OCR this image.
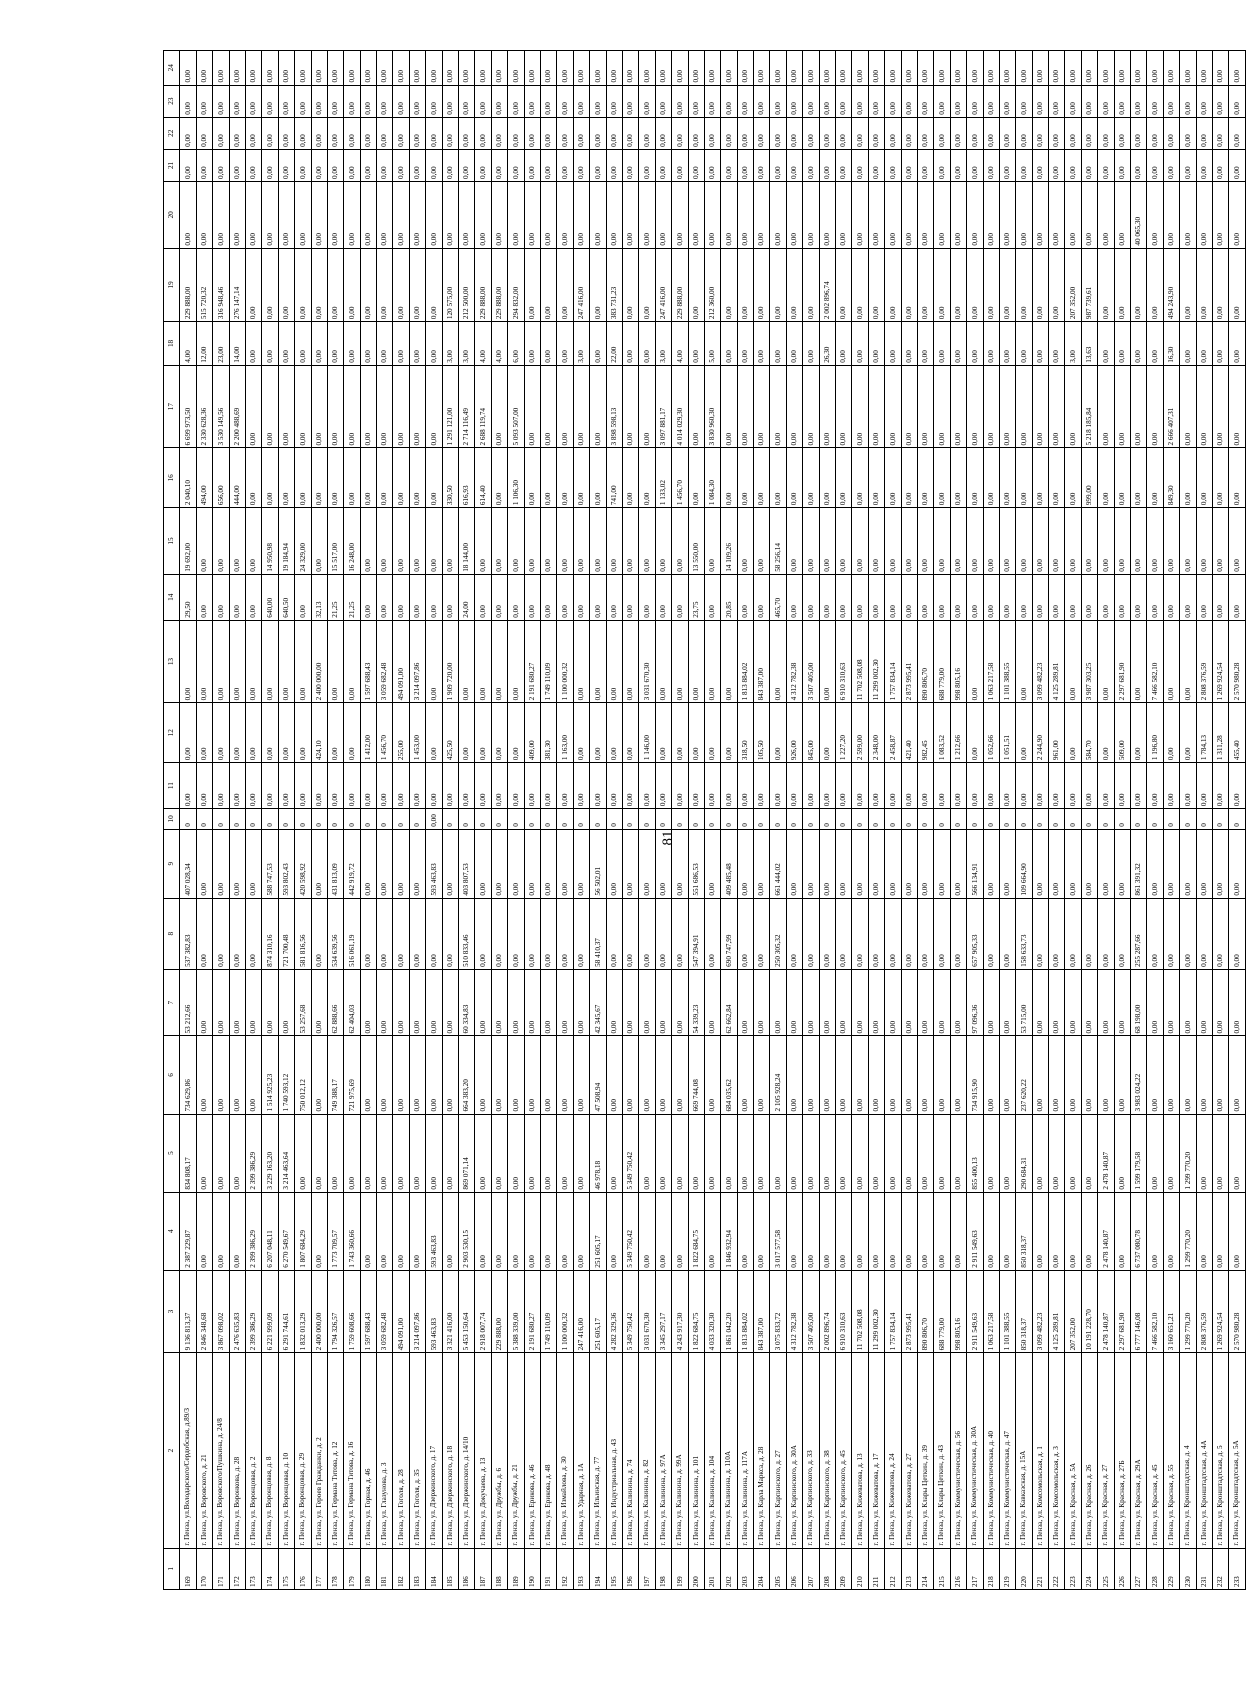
81
1	2	3	4	5	6	7	8	9	10	11	12	13	14	15	16	17	18	19	20	21	22	23	24
169	г. Пенза, ул.Володарского/Сердобская, д.89/3	9 136 813,37	2 387 229,87	834 808,17	734 629,86	53 212,66	537 382,83	407 028,34	0	0,00	0,00	0,00	29,50	19 692,00	2 040,10	6 699 973,50	4,00	229 888,00	0,00	0,00	0,00	0,00	0,00
170	г. Пенза, ул. Воровского, д. 21	2 846 348,68	0,00	0,00	0,00	0,00	0,00	0,00	0	0,00	0,00	0,00	0,00	0,00	494,00	2 330 628,36	12,00	515 720,32	0,00	0,00	0,00	0,00	0,00
171	г. Пенза, ул. Воровского/Пушкина, д. 24/8	3 867 098,02	0,00	0,00	0,00	0,00	0,00	0,00	0	0,00	0,00	0,00	0,00	0,00	656,00	3 530 149,56	23,00	316 948,46	0,00	0,00	0,00	0,00	0,00
172	г. Пенза, ул. Воронкова, д. 28	2 476 635,83	0,00	0,00	0,00	0,00	0,00	0,00	0	0,00	0,00	0,00	0,00	0,00	444,00	2 200 488,69	14,00	276 147,14	0,00	0,00	0,00	0,00	0,00
173	г. Пенза, ул. Воронцовая, д. 2	2 399 386,29	2 399 386,29	2 399 386,29	0,00	0,00	0,00	0,00	0	0,00	0,00	0,00	0,00	0,00	0,00	0,00	0,00	0,00	0,00	0,00	0,00	0,00	0,00
174	г. Пенза, ул. Воронцовая, д. 8	6 221 999,09	6 207 048,11	3 229 163,20	1 514 925,23	0,00	874 310,16	588 747,53	0	0,00	0,00	0,00	640,00	14 950,98	0,00	0,00	0,00	0,00	0,00	0,00	0,00	0,00	0,00
175	г. Пенза, ул. Воронцовая, д. 10	6 291 744,61	6 270 549,67	3 214 463,64	1 740 593,12	0,00	721 700,48	593 802,43	0	0,00	0,00	0,00	640,50	19 184,94	0,00	0,00	0,00	0,00	0,00	0,00	0,00	0,00	0,00
176	г. Пенза, ул. Воронцовая, д. 29	1 832 013,29	1 807 684,29	0,00	750 012,12	53 257,68	581 816,56	420 598,92	0	0,00	0,00	0,00	0,00	24 329,00	0,00	0,00	0,00	0,00	0,00	0,00	0,00	0,00	0,00
177	г. Пенза, ул. Героев Гражданки, д. 2	2 400 000,00	0,00	0,00	0,00	0,00	0,00	0,00	0	0,00	424,10	2 400 000,00	32,13	0,00	0,00	0,00	0,00	0,00	0,00	0,00	0,00	0,00	0,00
178	г. Пенза, ул. Германа Титова, д. 12	1 794 326,57	1 773 709,57	0,00	749 388,17	62 888,66	534 639,56	431 813,09	0	0,00	0,00	0,00	21,25	15 517,00	0,00	0,00	0,00	0,00	0,00	0,00	0,00	0,00	0,00
179	г. Пенза, ул. Германа Титова, д. 16	1 759 608,66	1 743 360,66	0,00	721 975,69	62 404,03	516 061,19	442 919,72	0	0,00	0,00	0,00	21,25	16 248,00	0,00	0,00	0,00	0,00	0,00	0,00	0,00	0,00	0,00
180	г. Пенза, ул. Горная, д. 46	1 597 688,43	0,00	0,00	0,00	0,00	0,00	0,00	0	0,00	1 412,00	1 597 688,43	0,00	0,00	0,00	0,00	0,00	0,00	0,00	0,00	0,00	0,00	0,00
181	г. Пенза, ул. Глазунова, д. 3	3 059 682,48	0,00	0,00	0,00	0,00	0,00	0,00	0	0,00	1 456,70	3 059 682,48	0,00	0,00	0,00	0,00	0,00	0,00	0,00	0,00	0,00	0,00	0,00
182	г. Пенза, ул. Гоголя, д. 28	494 091,00	0,00	0,00	0,00	0,00	0,00	0,00	0	0,00	255,00	494 091,00	0,00	0,00	0,00	0,00	0,00	0,00	0,00	0,00	0,00	0,00	0,00
183	г. Пенза, ул. Гоголя, д. 35	3 214 097,86	0,00	0,00	0,00	0,00	0,00	0,00	0	0,00	1 453,00	3 214 097,86	0,00	0,00	0,00	0,00	0,00	0,00	0,00	0,00	0,00	0,00	0,00
184	г. Пенза, ул. Дзержинского, д. 17	593 463,83	593 463,83	0,00	0,00	0,00	0,00	593 463,83	0,00	0,00	0,00	0,00	0,00	0,00	0,00	0,00	0,00	0,00	0,00	0,00	0,00	0,00	0,00
185	г. Пенза, ул. Дзержинского, д. 18	3 321 416,00	0,00	0,00	0,00	0,00	0,00	0,00	0	0,00	425,50	1 909 720,00	0,00	0,00	330,50	1 291 121,00	3,00	120 575,00	0,00	0,00	0,00	0,00	0,00
186	г. Пенза, ул. Дзержинского, д. 14/10	5 453 150,64	2 903 530,15	869 071,14	664 383,20	60 334,83	510 833,46	403 807,53	0	0,00	0,00	0,00	24,00	18 144,00	616,93	2 714 116,49	3,00	212 500,00	0,00	0,00	0,00	0,00	0,00
187	г. Пенза, ул. Докучаева, д. 13	2 918 007,74	0,00	0,00	0,00	0,00	0,00	0,00	0	0,00	0,00	0,00	0,00	0,00	614,40	2 688 119,74	4,00	229 888,00	0,00	0,00	0,00	0,00	0,00
188	г. Пенза, ул. Дружбы, д. 6	229 888,00	0,00	0,00	0,00	0,00	0,00	0,00	0	0,00	0,00	0,00	0,00	0,00	0,00	0,00	4,00	229 888,00	0,00	0,00	0,00	0,00	0,00
189	г. Пенза, ул. Дружбы, д. 21	5 388 339,00	0,00	0,00	0,00	0,00	0,00	0,00	0	0,00	0,00	0,00	0,00	0,00	1 106,30	5 093 507,00	6,00	294 832,00	0,00	0,00	0,00	0,00	0,00
190	г. Пенза, ул. Ерикова, д. 46	2 191 680,27	0,00	0,00	0,00	0,00	0,00	0,00	0	0,00	409,00	2 191 680,27	0,00	0,00	0,00	0,00	0,00	0,00	0,00	0,00	0,00	0,00	0,00
191	г. Пенза, ул. Ерикова, д. 48	1 749 110,09	0,00	0,00	0,00	0,00	0,00	0,00	0	0,00	381,30	1 749 110,09	0,00	0,00	0,00	0,00	0,00	0,00	0,00	0,00	0,00	0,00	0,00
192	г. Пенза, ул. Измайлова, д. 30	1 100 000,32	0,00	0,00	0,00	0,00	0,00	0,00	0	0,00	1 163,00	1 100 000,32	0,00	0,00	0,00	0,00	0,00	0,00	0,00	0,00	0,00	0,00	0,00
193	г. Пенза, ул. Ударная, д. 1А	247 416,00	0,00	0,00	0,00	0,00	0,00	0,00	0	0,00	0,00	0,00	0,00	0,00	0,00	0,00	3,00	247 416,00	0,00	0,00	0,00	0,00	0,00
194	г. Пенза, ул. Ильинская, д. 77	251 605,17	251 605,17	46 978,18	47 508,94	42 345,67	58 410,37	56 502,01	0	0,00	0,00	0,00	0,00	0,00	0,00	0,00	0,00	0,00	0,00	0,00	0,00	0,00	0,00
195	г. Пенза, ул. Индустриальная, д. 43	4 282 329,36	0,00	0,00	0,00	0,00	0,00	0,00	0	0,00	0,00	0,00	0,00	0,00	741,00	3 898 598,13	22,00	383 731,23	0,00	0,00	0,00	0,00	0,00
196	г. Пенза, ул. Калинина, д. 74	5 349 750,42	5 349 750,42	5 349 750,42	0,00	0,00	0,00	0,00	0	0,00	0,00	0,00	0,00	0,00	0,00	0,00	0,00	0,00	0,00	0,00	0,00	0,00	0,00
197	г. Пенза, ул. Калинина, д. 82	3 031 670,30	0,00	0,00	0,00	0,00	0,00	0,00	0	0,00	1 146,00	3 031 670,30	0,00	0,00	0,00	0,00	0,00	0,00	0,00	0,00	0,00	0,00	0,00
198	г. Пенза, ул. Калинина, д. 97А	3 345 297,17	0,00	0,00	0,00	0,00	0,00	0,00	0	0,00	0,00	0,00	0,00	0,00	1 133,02	3 097 881,17	3,00	247 416,00	0,00	0,00	0,00	0,00	0,00
199	г. Пенза, ул. Калинина, д. 99А	4 243 917,30	0,00	0,00	0,00	0,00	0,00	0,00	0	0,00	0,00	0,00	0,00	0,00	1 456,70	4 014 029,30	4,00	229 888,00	0,00	0,00	0,00	0,00	0,00
200	г. Пенза, ул. Калинина, д. 101	1 822 684,75	1 822 684,75	0,00	669 744,08	54 339,23	547 394,91	551 686,53	0	0,00	0,00	0,00	23,75	13 550,00	0,00	0,00	0,00	0,00	0,00	0,00	0,00	0,00	0,00
201	г. Пенза, ул. Калинина, д. 104	4 033 320,30	0,00	0,00	0,00	0,00	0,00	0,00	0	0,00	0,00	0,00	0,00	0,00	1 084,30	3 830 960,30	5,00	212 360,00	0,00	0,00	0,00	0,00	0,00
202	г. Пенза, ул. Калинина, д. 110А	1 861 042,20	1 846 932,94	0,00	684 035,62	62 662,84	690 747,99	409 485,48	0	0,00	0,00	0,00	20,85	14 109,26	0,00	0,00	0,00	0,00	0,00	0,00	0,00	0,00	0,00
203	г. Пенза, ул. Калинина, д. 117А	1 813 884,02	0,00	0,00	0,00	0,00	0,00	0,00	0	0,00	318,50	1 813 884,02	0,00	0,00	0,00	0,00	0,00	0,00	0,00	0,00	0,00	0,00	0,00
204	г. Пенза, ул. Карла Маркса, д. 28	843 387,00	0,00	0,00	0,00	0,00	0,00	0,00	0	0,00	105,50	843 387,00	0,00	0,00	0,00	0,00	0,00	0,00	0,00	0,00	0,00	0,00	0,00
205	г. Пенза, ул. Карпинского, д. 27	3 075 833,72	3 017 577,58	0,00	2 105 928,24	0,00	250 305,32	661 444,02	0	0,00	0,00	0,00	465,70	58 256,14	0,00	0,00	0,00	0,00	0,00	0,00	0,00	0,00	0,00
206	г. Пенза, ул. Карпинского, д. 30А	4 312 782,38	0,00	0,00	0,00	0,00	0,00	0,00	0	0,00	926,00	4 312 782,38	0,00	0,00	0,00	0,00	0,00	0,00	0,00	0,00	0,00	0,00	0,00
207	г. Пенза, ул. Карпинского, д. 33	3 507 405,00	0,00	0,00	0,00	0,00	0,00	0,00	0	0,00	845,00	3 507 405,00	0,00	0,00	0,00	0,00	0,00	0,00	0,00	0,00	0,00	0,00	0,00
208	г. Пенза, ул. Карпинского, д. 38	2 002 896,74	0,00	0,00	0,00	0,00	0,00	0,00	0	0,00	0,00	0,00	0,00	0,00	0,00	0,00	26,30	2 002 896,74	0,00	0,00	0,00	0,00	0,00
209	г. Пенза, ул. Карпинского, д. 45	6 910 310,63	0,00	0,00	0,00	0,00	0,00	0,00	0	0,00	1 227,20	6 910 310,63	0,00	0,00	0,00	0,00	0,00	0,00	0,00	0,00	0,00	0,00	0,00
210	г. Пенза, ул. Кижеватова, д. 13	11 702 508,08	0,00	0,00	0,00	0,00	0,00	0,00	0	0,00	2 599,00	11 702 508,08	0,00	0,00	0,00	0,00	0,00	0,00	0,00	0,00	0,00	0,00	0,00
211	г. Пенза, ул. Кижеватова, д. 17	11 299 002,30	0,00	0,00	0,00	0,00	0,00	0,00	0	0,00	2 348,00	11 299 002,30	0,00	0,00	0,00	0,00	0,00	0,00	0,00	0,00	0,00	0,00	0,00
212	г. Пенза, ул. Кижеватова, д. 24	1 757 834,14	0,00	0,00	0,00	0,00	0,00	0,00	0	0,00	2 458,87	1 757 834,14	0,00	0,00	0,00	0,00	0,00	0,00	0,00	0,00	0,00	0,00	0,00
213	г. Пенза, ул. Кижеватова, д. 27	2 873 995,41	0,00	0,00	0,00	0,00	0,00	0,00	0	0,00	421,40	2 873 995,41	0,00	0,00	0,00	0,00	0,00	0,00	0,00	0,00	0,00	0,00	0,00
214	г. Пенза, ул. Клары Цеткин, д. 39	890 806,70	0,00	0,00	0,00	0,00	0,00	0,00	0	0,00	982,45	890 806,70	0,00	0,00	0,00	0,00	0,00	0,00	0,00	0,00	0,00	0,00	0,00
215	г. Пенза, ул. Клары Цеткин, д. 43	688 779,00	0,00	0,00	0,00	0,00	0,00	0,00	0	0,00	1 083,52	688 779,00	0,00	0,00	0,00	0,00	0,00	0,00	0,00	0,00	0,00	0,00	0,00
216	г. Пенза, ул. Коммунистическая, д. 56	998 805,16	0,00	0,00	0,00	0,00	0,00	0,00	0	0,00	1 212,66	998 805,16	0,00	0,00	0,00	0,00	0,00	0,00	0,00	0,00	0,00	0,00	0,00
217	г. Пенза, ул. Коммунистическая, д. 30А	2 911 549,63	2 911 549,63	855 400,13	734 915,90	97 096,36	657 905,33	566 134,91	0	0,00	0,00	0,00	0,00	0,00	0,00	0,00	0,00	0,00	0,00	0,00	0,00	0,00	0,00
218	г. Пенза, ул. Коммунистическая, д. 40	1 063 217,58	0,00	0,00	0,00	0,00	0,00	0,00	0	0,00	1 052,66	1 063 217,58	0,00	0,00	0,00	0,00	0,00	0,00	0,00	0,00	0,00	0,00	0,00
219	г. Пенза, ул. Коммунистическая, д. 47	1 101 388,55	0,00	0,00	0,00	0,00	0,00	0,00	0	0,00	1 051,51	1 101 388,55	0,00	0,00	0,00	0,00	0,00	0,00	0,00	0,00	0,00	0,00	0,00
220	г. Пенза, ул. Кавказская, д. 15А	850 318,37	850 318,37	290 684,31	237 620,22	53 715,00	158 633,73	109 664,90	0	0,00	0,00	0,00	0,00	0,00	0,00	0,00	0,00	0,00	0,00	0,00	0,00	0,00	0,00
221	г. Пенза, ул. Комсомольская, д. 1	3 099 482,23	0,00	0,00	0,00	0,00	0,00	0,00	0	0,00	2 244,90	3 099 482,23	0,00	0,00	0,00	0,00	0,00	0,00	0,00	0,00	0,00	0,00	0,00
222	г. Пенза, ул. Комсомольская, д. 3	4 125 289,81	0,00	0,00	0,00	0,00	0,00	0,00	0	0,00	961,00	4 125 289,81	0,00	0,00	0,00	0,00	0,00	0,00	0,00	0,00	0,00	0,00	0,00
223	г. Пенза, ул. Красная, д. 5А	207 352,00	0,00	0,00	0,00	0,00	0,00	0,00	0	0,00	0,00	0,00	0,00	0,00	0,00	0,00	3,00	207 352,00	0,00	0,00	0,00	0,00	0,00
224	г. Пенза, ул. Красная, д. 26	10 191 228,70	0,00	0,00	0,00	0,00	0,00	0,00	0	0,00	584,70	3 987 303,25	0,00	0,00	999,00	5 218 185,84	13,63	987 739,61	0,00	0,00	0,00	0,00	0,00
225	г. Пенза, ул. Красная, д. 27	2 478 140,87	2 478 140,87	2 478 140,87	0,00	0,00	0,00	0,00	0	0,00	0,00	0,00	0,00	0,00	0,00	0,00	0,00	0,00	0,00	0,00	0,00	0,00	0,00
226	г. Пенза, ул. Красная, д. 27Б	2 297 681,90	0,00	0,00	0,00	0,00	0,00	0,00	0	0,00	509,00	2 297 681,90	0,00	0,00	0,00	0,00	0,00	0,00	0,00	0,00	0,00	0,00	0,00
227	г. Пенза, ул. Красная, д. 29А	6 777 146,08	6 737 080,78	1 599 179,58	3 983 024,22	68 198,00	255 287,66	861 391,32	0	0,00	0,00	0,00	0,00	0,00	0,00	0,00	0,00	0,00	40 065,30	0,00	0,00	0,00	0,00
228	г. Пенза, ул. Красная, д. 45	7 466 582,10	0,00	0,00	0,00	0,00	0,00	0,00	0	0,00	1 196,80	7 466 582,10	0,00	0,00	0,00	0,00	0,00	0,00	0,00	0,00	0,00	0,00	0,00
229	г. Пенза, ул. Красная, д. 55	3 160 651,21	0,00	0,00	0,00	0,00	0,00	0,00	0	0,00	0,00	0,00	0,00	0,00	849,30	2 666 407,31	16,30	494 243,90	0,00	0,00	0,00	0,00	0,00
230	г. Пенза, ул. Кронштадтская, д. 4	1 299 770,20	1 299 770,20	1 299 770,20	0,00	0,00	0,00	0,00	0	0,00	0,00	0,00	0,00	0,00	0,00	0,00	0,00	0,00	0,00	0,00	0,00	0,00	0,00
231	г. Пенза, ул. Кронштадтская, д. 4А	2 808 376,59	0,00	0,00	0,00	0,00	0,00	0,00	0	0,00	1 784,13	2 808 376,59	0,00	0,00	0,00	0,00	0,00	0,00	0,00	0,00	0,00	0,00	0,00
232	г. Пенза, ул. Кронштадтская, д. 5	1 269 924,54	0,00	0,00	0,00	0,00	0,00	0,00	0	0,00	1 311,28	1 269 924,54	0,00	0,00	0,00	0,00	0,00	0,00	0,00	0,00	0,00	0,00	0,00
233	г. Пенза, ул. Кронштадтская, д. 5А	2 570 980,28	0,00	0,00	0,00	0,00	0,00	0,00	0	0,00	455,40	2 570 980,28	0,00	0,00	0,00	0,00	0,00	0,00	0,00	0,00	0,00	0,00	0,00
